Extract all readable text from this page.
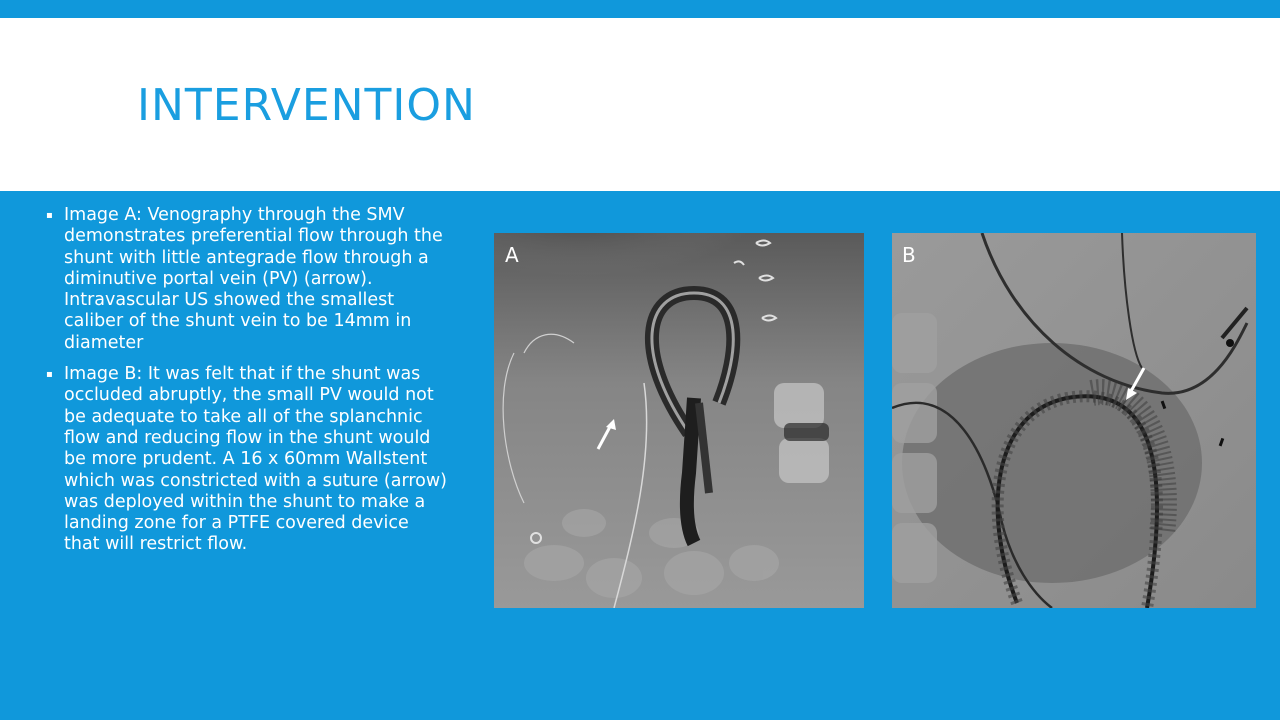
INTERVENTION
▪ Image A: Venography through the SMV demonstrates preferential flow through the shunt with little antegrade flow through a diminutive portal vein (PV) (arrow). Intravascular US showed the smallest caliber of the shunt vein to be 14mm in diameter
▪ Image B: It was felt that if the shunt was occluded abruptly, the small PV would not be adequate to take all of the splanchnic flow and reducing flow in the shunt would be more prudent. A 16 x 60mm Wallstent which was constricted with a suture (arrow) was deployed within the shunt to make a landing zone for a PTFE covered device that will restrict flow.
A	B
